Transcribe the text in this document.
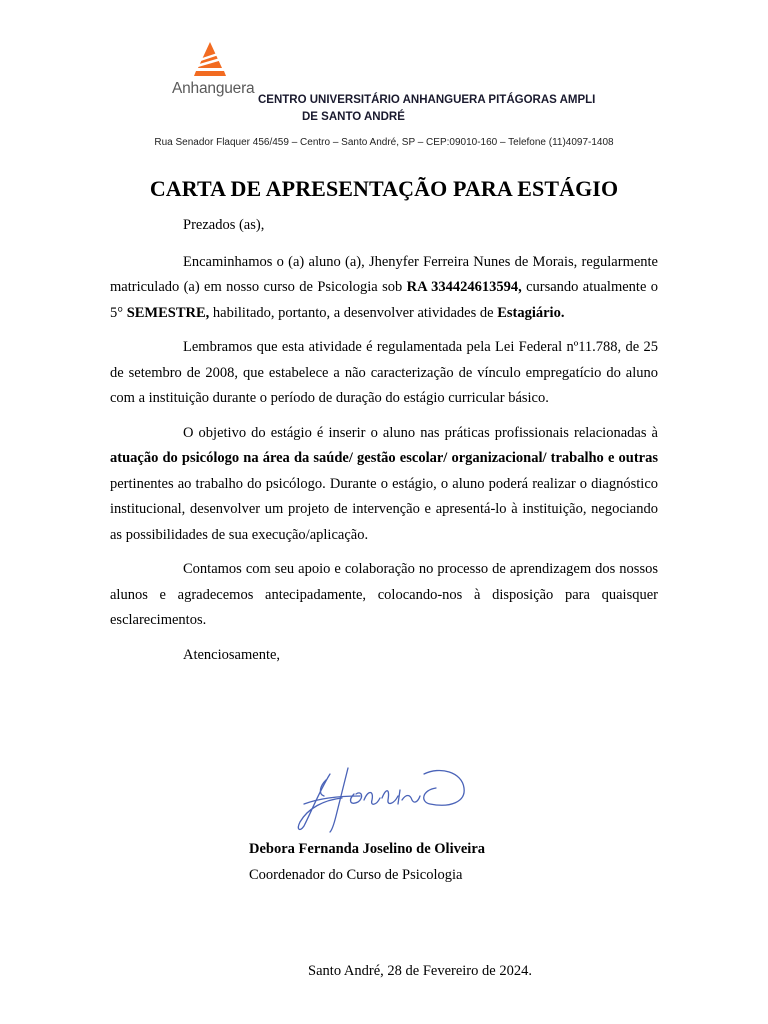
Anhanguera
CENTRO UNIVERSITÁRIO ANHANGUERA PITÁGORAS AMPLI
DE SANTO ANDRÉ
Rua Senador Flaquer 456/459 – Centro – Santo André, SP – CEP:09010-160 – Telefone (11)4097-1408
CARTA DE APRESENTAÇÃO PARA ESTÁGIO

Prezados (as),

Encaminhamos o (a) aluno (a), Jhenyfer Ferreira Nunes de Morais, regularmente matriculado (a) em nosso curso de Psicologia sob RA 334424613594, cursando atualmente o 5° SEMESTRE, habilitado, portanto, a desenvolver atividades de Estagiário.

Lembramos que esta atividade é regulamentada pela Lei Federal nº11.788, de 25 de setembro de 2008, que estabelece a não caracterização de vínculo empregatício do aluno com a instituição durante o período de duração do estágio curricular básico.

O objetivo do estágio é inserir o aluno nas práticas profissionais relacionadas à atuação do psicólogo na área da saúde/ gestão escolar/ organizacional/ trabalho e outras pertinentes ao trabalho do psicólogo. Durante o estágio, o aluno poderá realizar o diagnóstico institucional, desenvolver um projeto de intervenção e apresentá-lo à instituição, negociando as possibilidades de sua execução/aplicação.

Contamos com seu apoio e colaboração no processo de aprendizagem dos nossos alunos e agradecemos antecipadamente, colocando-nos à disposição para quaisquer esclarecimentos.

Atenciosamente,

Debora Fernanda Joselino de Oliveira
Coordenador do Curso de Psicologia
Santo André, 28 de Fevereiro de 2024.
